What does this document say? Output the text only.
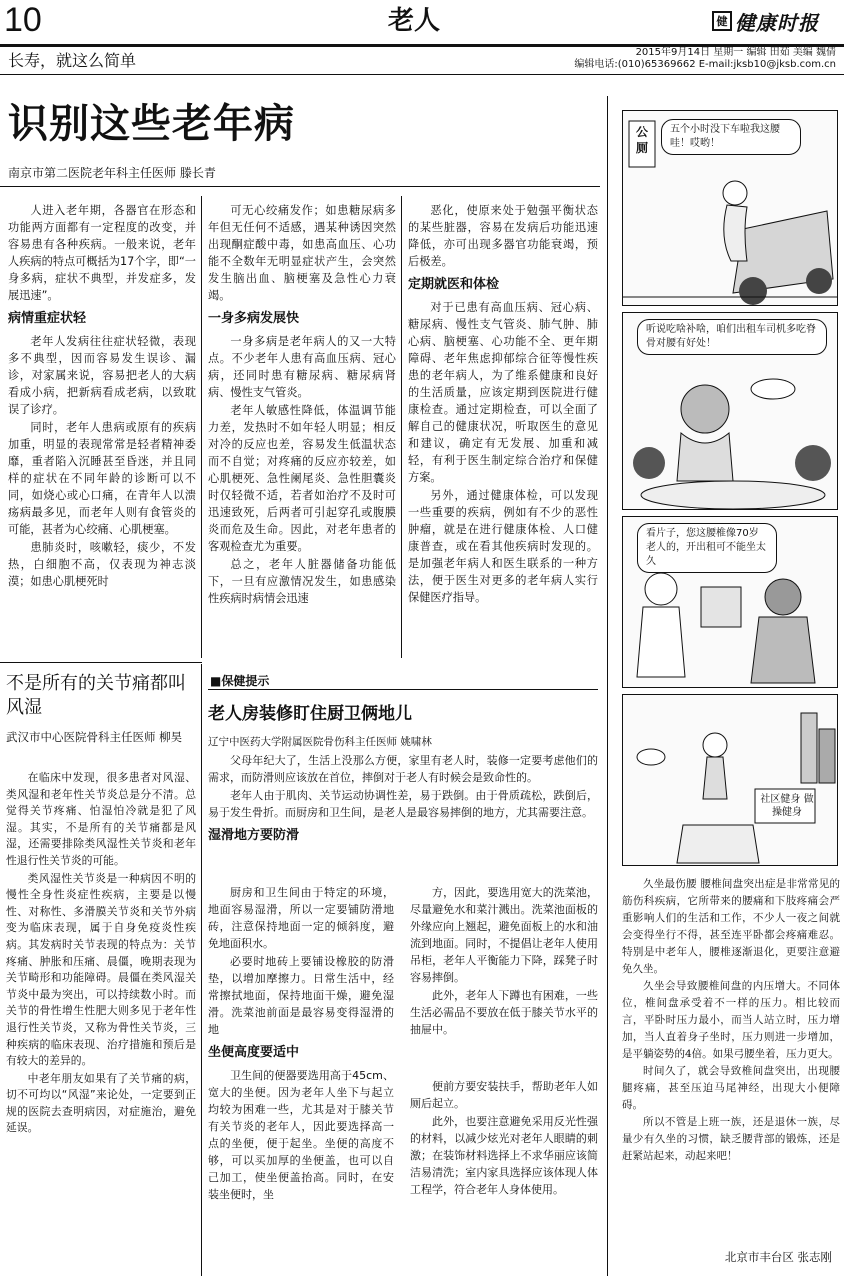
10	老人	健 健康时报
长寿，就这么简单	2015年9月14日 星期一 编辑 田茹 美编 魏倩
编辑电话:(010)65369662 E-mail:jksb10@jksb.com.cn
识别这些老年病
南京市第二医院老年科主任医师 滕长青

人进入老年期，各器官在形态和功能两方面都有一定程度的改变，并容易患有各种疾病。一般来说，老年人疾病的特点可概括为17个字，即“一身多病，症状不典型，并发症多，发展迅速”。

病情重症状轻

老年人发病往往症状轻微，表现多不典型，因而容易发生误诊、漏诊，对家属来说，容易把老人的大病看成小病，把新病看成老病，以致耽误了诊疗。

同时，老年人患病或原有的疾病加重，明显的表现常常是轻者精神委靡，重者陷入沉睡甚至昏迷，并且同样的症状在不同年龄的诊断可以不同，如烧心或心口痛，在青年人以溃疡病最多见，而老年人则有食管炎的可能，甚者为心绞痛、心肌梗塞。

患肺炎时，咳嗽轻，痰少，不发热，白细胞不高，仅表现为神志淡漠；如患心肌梗死时

可无心绞痛发作；如患糖尿病多年但无任何不适感，遇某种诱因突然出现酮症酸中毒，如患高血压、心功能不全数年无明显症状产生，会突然发生脑出血、脑梗塞及急性心力衰竭。

一身多病发展快

一身多病是老年病人的又一大特点。不少老年人患有高血压病、冠心病，还同时患有糖尿病、糖尿病肾病、慢性支气管炎。

老年人敏感性降低，体温调节能力差，发热时不如年轻人明显；相反对冷的反应也差，容易发生低温状态而不自觉；对疼痛的反应亦较差，如心肌梗死、急性阑尾炎、急性胆囊炎时仅轻微不适，若者如治疗不及时可迅速致死，后两者可引起穿孔或腹膜炎而危及生命。因此，对老年患者的客观检查尤为重要。

总之，老年人脏器储备功能低下，一旦有应激情况发生，如患感染性疾病时病情会迅速

恶化，使原来处于勉强平衡状态的某些脏器，容易在发病后功能迅速降低，亦可出现多器官功能衰竭，预后极差。

定期就医和体检

对于已患有高血压病、冠心病、糖尿病、慢性支气管炎、肺气肿、肺心病、脑梗塞、心功能不全、更年期障碍、老年焦虑抑郁综合征等慢性疾患的老年病人，为了维系健康和良好的生活质量，应该定期到医院进行健康检查。通过定期检查，可以全面了解自己的健康状况，听取医生的意见和建议，确定有无发展、加重和减轻，有利于医生制定综合治疗和保健方案。

另外，通过健康体检，可以发现一些重要的疾病，例如有不少的恶性肿瘤，就是在进行健康体检、人口健康普查，或在看其他疾病时发现的。是加强老年病人和医生联系的一种方法，便于医生对更多的老年病人实行保健医疗指导。

不是所有的关节痛都叫风湿
武汉市中心医院骨科主任医师 柳昊

在临床中发现，很多患者对风湿、类风湿和老年性关节炎总是分不清。总觉得关节疼痛、怕湿怕冷就是犯了风湿。其实，不是所有的关节痛都是风湿，还需要排除类风湿性关节炎和老年性退行性关节炎的可能。

类风湿性关节炎是一种病因不明的慢性全身性炎症性疾病，主要是以慢性、对称性、多滑膜关节炎和关节外病变为临床表现，属于自身免疫炎性疾病。其发病时关节表现的特点为：关节疼痛、肿胀和压痛、晨僵，晚期表现为关节畸形和功能障碍。晨僵在类风湿关节炎中最为突出，可以持续数小时。而关节的骨性增生性肥大则多见于老年性退行性关节炎，又称为骨性关节炎，三种疾病的临床表现、治疗措施和预后是有较大的差异的。

中老年朋友如果有了关节痛的病，切不可均以“风湿”来论处，一定要到正规的医院去查明病因，对症施治，避免延误。

■保健提示
老人房装修盯住厨卫俩地儿
辽宁中医药大学附属医院骨伤科主任医师 姚啸林

父母年纪大了，生活上没那么方便，家里有老人时，装修一定要考虑他们的需求，而防滑则应该放在首位，摔倒对于老人有时候会是致命性的。

老年人由于肌肉、关节运动协调性差，易于跌倒。由于骨质疏松，跌倒后，易于发生骨折。而厨房和卫生间，是老人是最容易摔倒的地方，尤其需要注意。

湿滑地方要防滑

厨房和卫生间由于特定的环境，地面容易湿滑，所以一定要铺防滑地砖，注意保持地面一定的倾斜度，避免地面积水。

必要时地砖上要铺设橡胶的防滑垫，以增加摩擦力。日常生活中，经常擦拭地面，保持地面干燥，避免湿滑。洗菜池前面是最容易变得湿滑的地

坐便高度要适中

卫生间的便器要选用高于45cm、宽大的坐便。因为老年人坐下与起立均较为困难一些，尤其是对于膝关节有关节炎的老年人，因此要选择高一点的坐便，便于起坐。坐便的高度不够，可以买加厚的坐便盖，也可以自己加工，使坐便盖抬高。同时，在安装坐便时，坐

方，因此，要选用宽大的洗菜池，尽量避免水和菜汁溅出。洗菜池面板的外缘应向上翘起，避免面板上的水和油流到地面。同时，不提倡让老年人使用吊柜，老年人平衡能力下降，踩凳子时容易摔倒。

此外，老年人下蹲也有困难，一些生活必需品不要放在低于膝关节水平的抽屉中。

便前方要安装扶手，帮助老年人如厕后起立。

此外，也要注意避免采用反光性强的材料，以减少炫光对老年人眼睛的刺激；在装饰材料选择上不求华丽应该简洁易清洗；室内家具选择应该体现人体工程学，符合老年人身体使用。

公厕
五个小时没下车啦我这腰哇！哎哟！
听说吃啥补啥，咱们出租车司机多吃脊骨对腰有好处！
看片子，您这腰椎像70岁老人的，开出租可不能坐太久
社区健身 做操健身

久坐最伤腰 腰椎间盘突出症是非常常见的筋伤科疾病，它所带来的腰痛和下肢疼痛会严重影响人们的生活和工作，不少人一夜之间就会变得坐行不得，甚至连平卧都会疼痛难忍。特别是中老年人，腰椎逐渐退化，更要注意避免久坐。

久坐会导致腰椎间盘的内压增大。不同体位，椎间盘承受着不一样的压力。相比较而言，平卧时压力最小，而当人站立时，压力增加，当人直着身子坐时，压力则进一步增加，是平躺姿势的4倍。如果弓腰坐着，压力更大。

时间久了，就会导致椎间盘突出，出现腰腿疼痛，甚至压迫马尾神经，出现大小便障碍。

所以不管是上班一族，还是退休一族，尽量少有久坐的习惯，缺乏腰背部的锻炼，还是赶紧站起来，动起来吧！

北京市丰台区 张志刚
